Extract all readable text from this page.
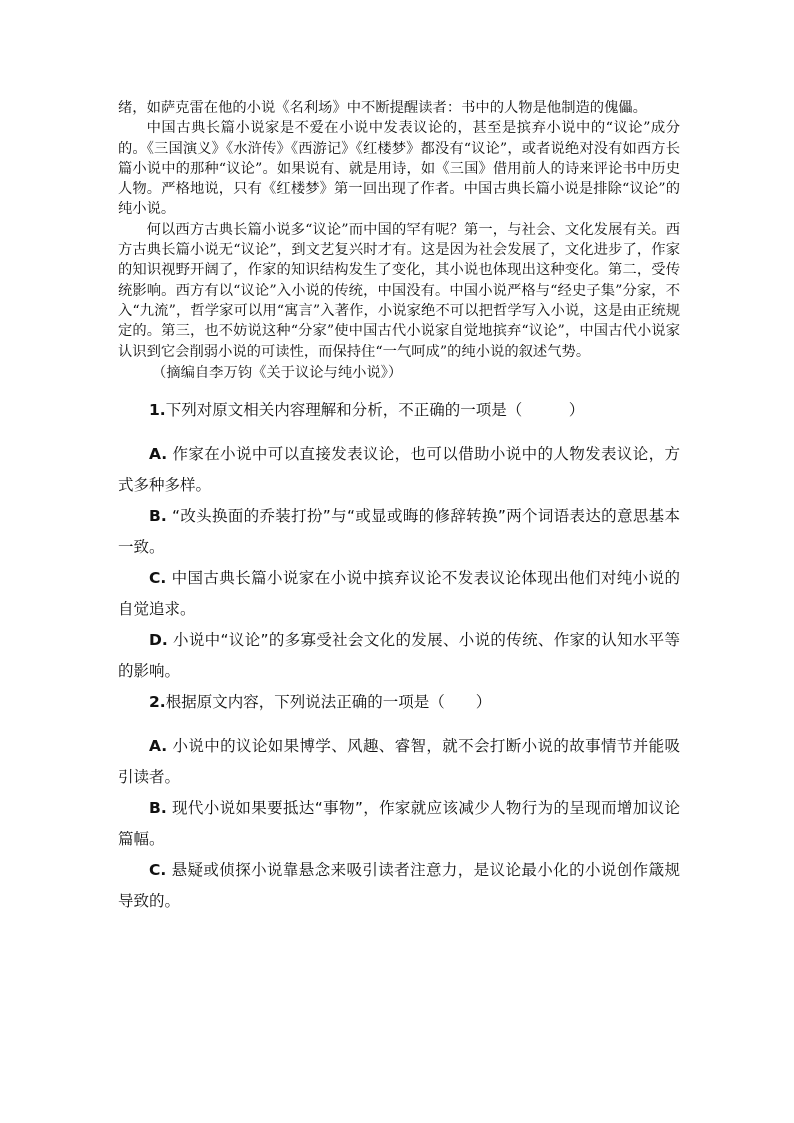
绪，如萨克雷在他的小说《名利场》中不断提醒读者：书中的人物是他制造的傀儡。

中国古典长篇小说家是不爱在小说中发表议论的，甚至是摈弃小说中的“议论”成分的。《三国演义》《水浒传》《西游记》《红楼梦》都没有“议论”，或者说绝对没有如西方长篇小说中的那种“议论”。如果说有、就是用诗，如《三国》借用前人的诗来评论书中历史人物。严格地说，只有《红楼梦》第一回出现了作者。中国古典长篇小说是排除“议论”的纯小说。

何以西方古典长篇小说多“议论”而中国的罕有呢？第一，与社会、文化发展有关。西方古典长篇小说无“议论”，到文艺复兴时才有。这是因为社会发展了，文化进步了，作家的知识视野开阔了，作家的知识结构发生了变化，其小说也体现出这种变化。第二，受传统影响。西方有以“议论”入小说的传统，中国没有。中国小说严格与“经史子集”分家，不入“九流”，哲学家可以用“寓言”入著作，小说家绝不可以把哲学写入小说，这是由正统规定的。第三，也不妨说这种“分家”使中国古代小说家自觉地摈弃“议论”，中国古代小说家认识到它会削弱小说的可读性，而保持住“一气呵成”的纯小说的叙述气势。

（摘编自李万钧《关于议论与纯小说》）

1.下列对原文相关内容理解和分析，不正确的一项是（　　　）

A. 作家在小说中可以直接发表议论，也可以借助小说中的人物发表议论，方式多种多样。

B. “改头换面的乔装打扮”与“或显或晦的修辞转换”两个词语表达的意思基本一致。

C. 中国古典长篇小说家在小说中摈弃议论不发表议论体现出他们对纯小说的自觉追求。

D. 小说中“议论”的多寡受社会文化的发展、小说的传统、作家的认知水平等的影响。

2.根据原文内容，下列说法正确的一项是（　　）

A. 小说中的议论如果博学、风趣、睿智，就不会打断小说的故事情节并能吸引读者。

B. 现代小说如果要抵达“事物”，作家就应该减少人物行为的呈现而增加议论篇幅。

C. 悬疑或侦探小说靠悬念来吸引读者注意力，是议论最小化的小说创作箴规导致的。
